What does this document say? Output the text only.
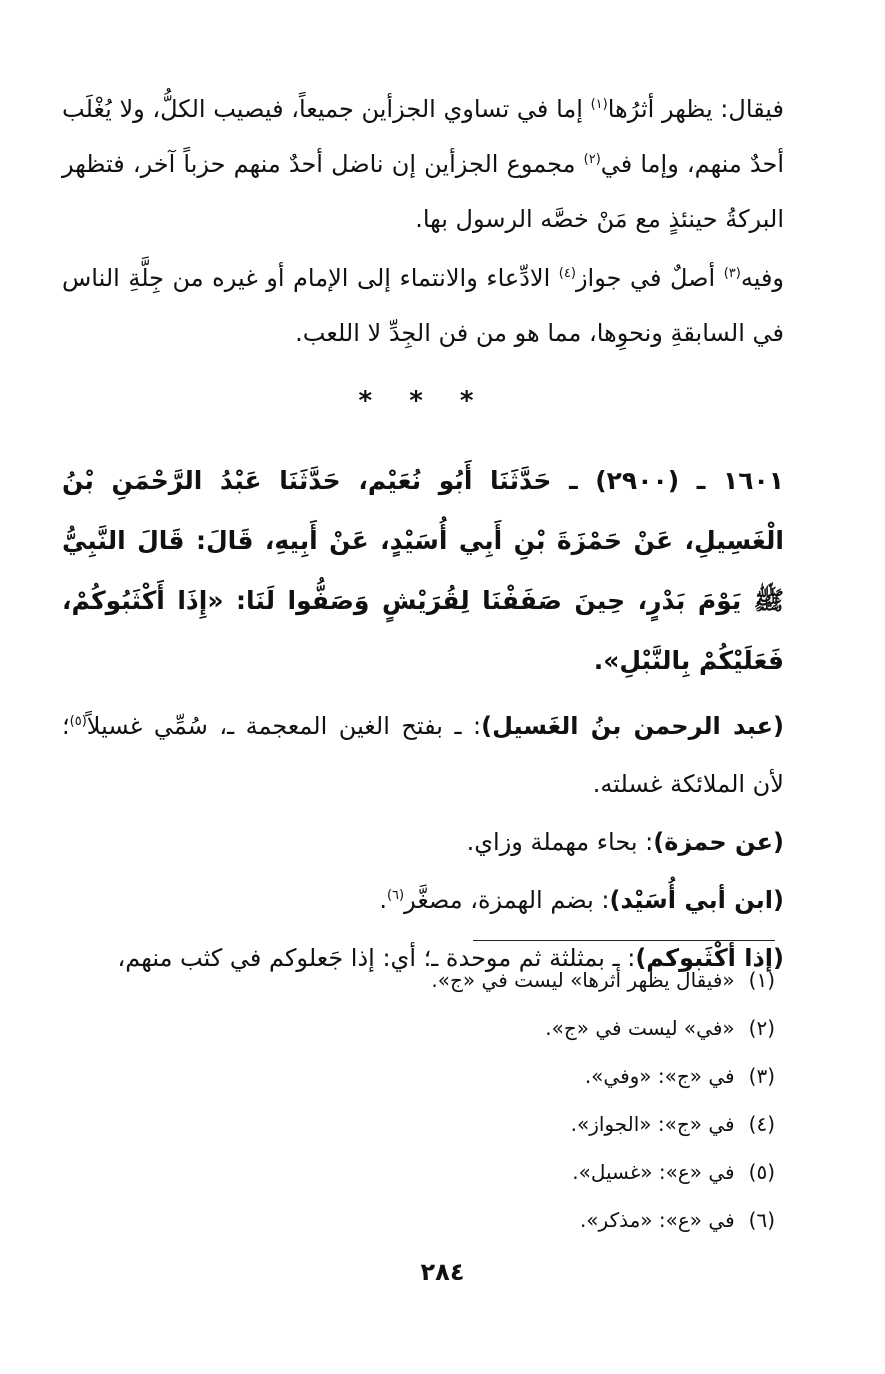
فيقال: يظهر أثرُها$^{(١)}$ إما في تساوي الجزأين جميعاً، فيصيب الكلُّ، ولا يُغْلَب أحدٌ منهم، وإما في$^{(٢)}$ مجموع الجزأين إن ناضل أحدٌ منهم حزباً آخر، فتظهر البركةُ حينئذٍ مع مَنْ خصَّه الرسول بها.

وفيه$^{(٣)}$ أصلٌ في جواز$^{(٤)}$ الادِّعاء والانتماء إلى الإمام أو غيره من جِلَّةِ الناس في السابقةِ ونحوِها، مما هو من فن الجِدِّ لا اللعب.

* * *

١٦٠١ ـ (٢٩٠٠) ـ حَدَّثَنَا أَبُو نُعَيْم، حَدَّثَنَا عَبْدُ الرَّحْمَنِ بْنُ الْغَسِيلِ، عَنْ حَمْزَةَ بْنِ أَبِي أُسَيْدٍ، عَنْ أَبِيهِ، قَالَ: قَالَ النَّبِيُّ ﷺ يَوْمَ بَدْرٍ، حِينَ صَفَفْنَا لِقُرَيْشٍ وَصَفُّوا لَنَا: «إِذَا أَكْثَبُوكُمْ، فَعَلَيْكُمْ بِالنَّبْلِ».

(عبد الرحمن بنُ الغَسيل): ـ بفتح الغين المعجمة ـ، سُمِّي غسيلاً$^{(٥)}$؛ لأن الملائكة غسلته.

(عن حمزة): بحاء مهملة وزاي.

(ابن أبي أُسَيْد): بضم الهمزة، مصغَّر$^{(٦)}$.

(إذا أكْثَبوكم): ـ بمثلثة ثم موحدة ـ؛ أي: إذا جَعلوكم في كثب منهم،

(١)«فيقال يظهر أثرها» ليست في «ج».
(٢)«في» ليست في «ج».
(٣)في «ج»: «وفي».
(٤)في «ج»: «الجواز».
(٥)في «ع»: «غسيل».
(٦)في «ع»: «مذكر».
٢٨٤
